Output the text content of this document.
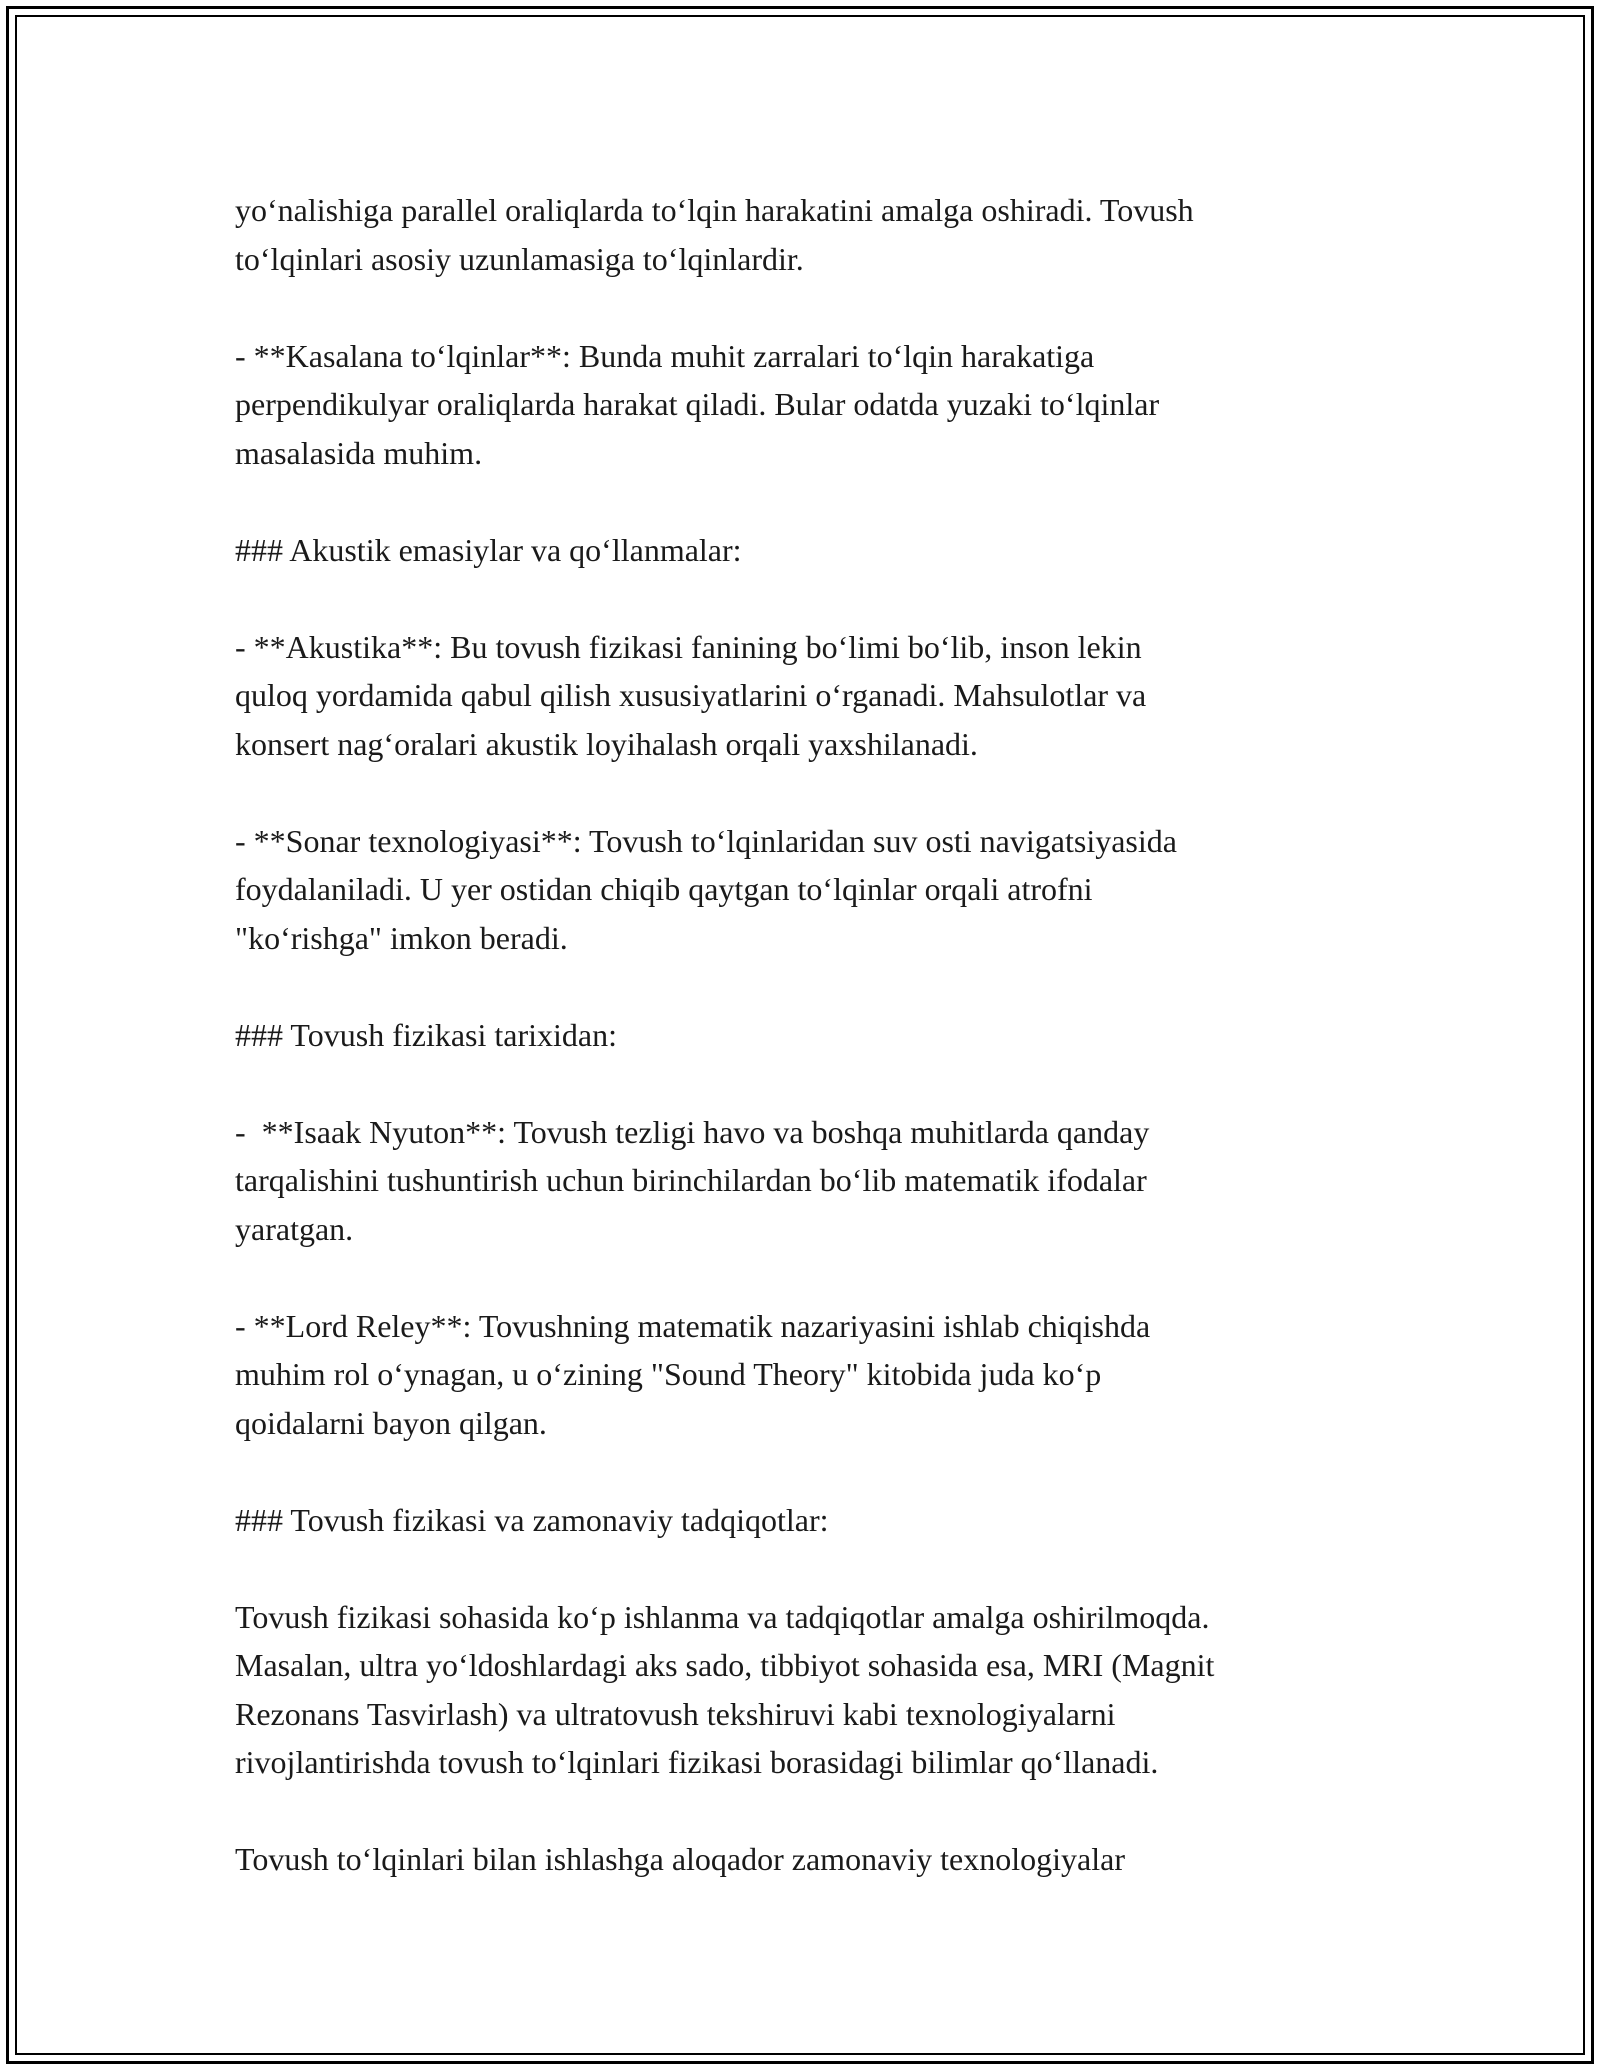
yo‘nalishiga parallel oraliqlarda to‘lqin harakatini amalga oshiradi. Tovush
to‘lqinlari asosiy uzunlamasiga to‘lqinlardir.

- **Kasalana to‘lqinlar**: Bunda muhit zarralari to‘lqin harakatiga
perpendikulyar oraliqlarda harakat qiladi. Bular odatda yuzaki to‘lqinlar
masalasida muhim.

### Akustik emasiylar va qo‘llanmalar:

- **Akustika**: Bu tovush fizikasi fanining bo‘limi bo‘lib, inson lekin
quloq yordamida qabul qilish xususiyatlarini o‘rganadi. Mahsulotlar va
konsert nag‘oralari akustik loyihalash orqali yaxshilanadi.

- **Sonar texnologiyasi**: Tovush to‘lqinlaridan suv osti navigatsiyasida
foydalaniladi. U yer ostidan chiqib qaytgan to‘lqinlar orqali atrofni
"ko‘rishga" imkon beradi.

### Tovush fizikasi tarixidan:

-  **Isaak Nyuton**: Tovush tezligi havo va boshqa muhitlarda qanday
tarqalishini tushuntirish uchun birinchilardan bo‘lib matematik ifodalar
yaratgan.

- **Lord Reley**: Tovushning matematik nazariyasini ishlab chiqishda
muhim rol o‘ynagan, u o‘zining "Sound Theory" kitobida juda ko‘p
qoidalarni bayon qilgan.

### Tovush fizikasi va zamonaviy tadqiqotlar:

Tovush fizikasi sohasida ko‘p ishlanma va tadqiqotlar amalga oshirilmoqda.
Masalan, ultra yo‘ldoshlardagi aks sado, tibbiyot sohasida esa, MRI (Magnit
Rezonans Tasvirlash) va ultratovush tekshiruvi kabi texnologiyalarni
rivojlantirishda tovush to‘lqinlari fizikasi borasidagi bilimlar qo‘llanadi.

Tovush to‘lqinlari bilan ishlashga aloqador zamonaviy texnologiyalar
